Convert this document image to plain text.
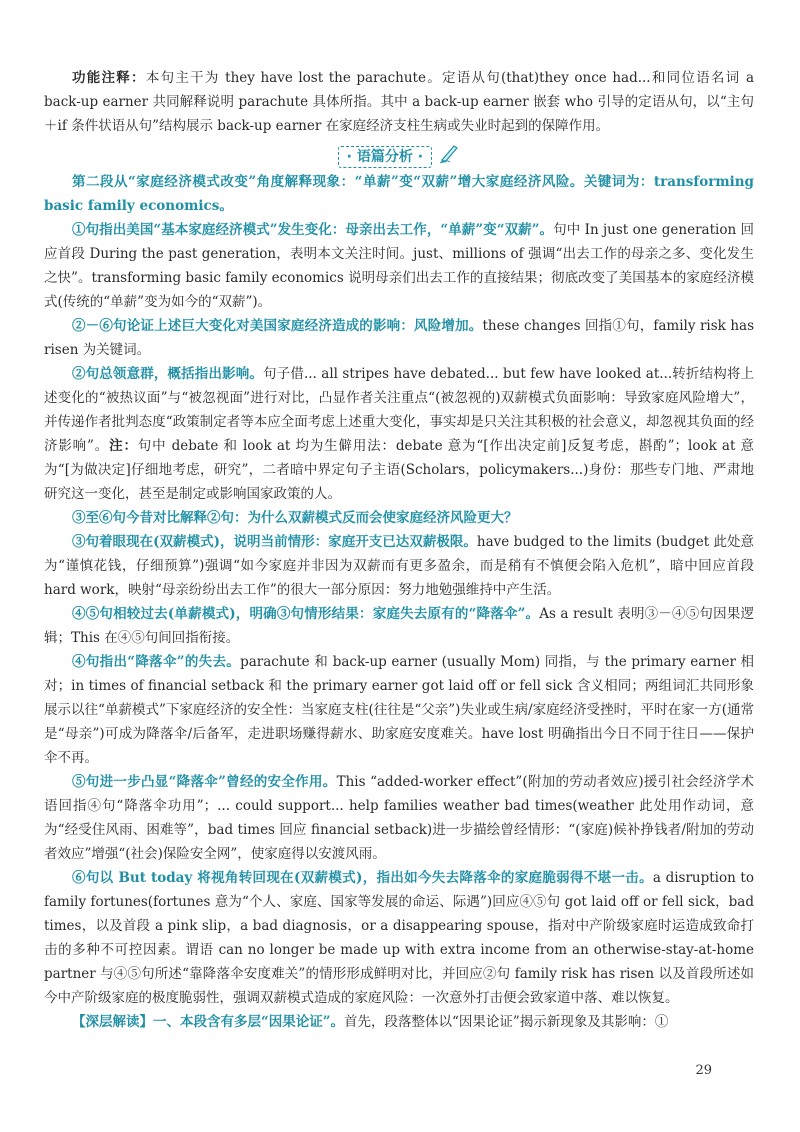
功能注释：本句主干为 they have lost the parachute。定语从句(that)they once had...和同位语名词 a back-up earner 共同解释说明 parachute 具体所指。其中 a back-up earner 嵌套 who 引导的定语从句，以“主句＋if 条件状语从句”结构展示 back-up earner 在家庭经济支柱生病或失业时起到的保障作用。

· 语篇分析 ·

第二段从“家庭经济模式改变”角度解释现象：“单薪”变“双薪”增大家庭经济风险。关键词为：transforming basic family economics。

①句指出美国“基本家庭经济模式”发生变化：母亲出去工作，“单薪”变“双薪”。句中 In just one generation 回应首段 During the past generation，表明本文关注时间。just、millions of 强调“出去工作的母亲之多、变化发生之快”。transforming basic family economics 说明母亲们出去工作的直接结果；彻底改变了美国基本的家庭经济模式(传统的“单薪”变为如今的“双薪”)。

②－⑥句论证上述巨大变化对美国家庭经济造成的影响：风险增加。these changes 回指①句，family risk has risen 为关键词。

②句总领意群，概括指出影响。句子借... all stripes have debated... but few have looked at...转折结构将上述变化的“被热议面”与“被忽视面”进行对比，凸显作者关注重点“(被忽视的)双薪模式负面影响：导致家庭风险增大”，并传递作者批判态度“政策制定者等本应全面考虑上述重大变化，事实却是只关注其积极的社会意义，却忽视其负面的经济影响”。注：句中 debate 和 look at 均为生僻用法：debate 意为“[作出决定前]反复考虑，斟酌”；look at 意为“[为做决定]仔细地考虑，研究”，二者暗中界定句子主语(Scholars，policymakers...)身份：那些专门地、严肃地研究这一变化，甚至是制定或影响国家政策的人。

③至⑥句今昔对比解释②句：为什么双薪模式反而会使家庭经济风险更大？

③句着眼现在(双薪模式)，说明当前情形：家庭开支已达双薪极限。have budged to the limits (budget 此处意为“谨慎花钱，仔细预算”)强调“如今家庭并非因为双薪而有更多盈余，而是稍有不慎便会陷入危机”，暗中回应首段 hard work，映射“母亲纷纷出去工作”的很大一部分原因：努力地勉强维持中产生活。

④⑤句相较过去(单薪模式)，明确③句情形结果：家庭失去原有的“降落伞”。As a result 表明③－④⑤句因果逻辑；This 在④⑤句间回指衔接。

④句指出“降落伞”的失去。parachute 和 back-up earner (usually Mom) 同指，与 the primary earner 相对；in times of financial setback 和 the primary earner got laid off or fell sick 含义相同；两组词汇共同形象展示以往“单薪模式”下家庭经济的安全性：当家庭支柱(往往是“父亲”)失业或生病/家庭经济受挫时，平时在家一方(通常是“母亲”)可成为降落伞/后备军，走进职场赚得薪水、助家庭安度难关。have lost 明确指出今日不同于往日——保护伞不再。

⑤句进一步凸显“降落伞”曾经的安全作用。This “added-worker effect”(附加的劳动者效应)援引社会经济学术语回指④句“降落伞功用”；... could support... help families weather bad times(weather 此处用作动词，意为“经受住风雨、困难等”，bad times 回应 financial setback)进一步描绘曾经情形：“(家庭)候补挣钱者/附加的劳动者效应”增强“(社会)保险安全网”，使家庭得以安渡风雨。

⑥句以 But today 将视角转回现在(双薪模式)，指出如今失去降落伞的家庭脆弱得不堪一击。a disruption to family fortunes(fortunes 意为“个人、家庭、国家等发展的命运、际遇”)回应④⑤句 got laid off or fell sick，bad times，以及首段 a pink slip，a bad diagnosis，or a disappearing spouse，指对中产阶级家庭时运造成致命打击的多种不可控因素。谓语 can no longer be made up with extra income from an otherwise-stay-at-home partner 与④⑤句所述“靠降落伞安度难关”的情形形成鲜明对比，并回应②句 family risk has risen 以及首段所述如今中产阶级家庭的极度脆弱性，强调双薪模式造成的家庭风险：一次意外打击便会致家道中落、难以恢复。

【深层解读】一、本段含有多层“因果论证”。首先，段落整体以“因果论证”揭示新现象及其影响：①

29
